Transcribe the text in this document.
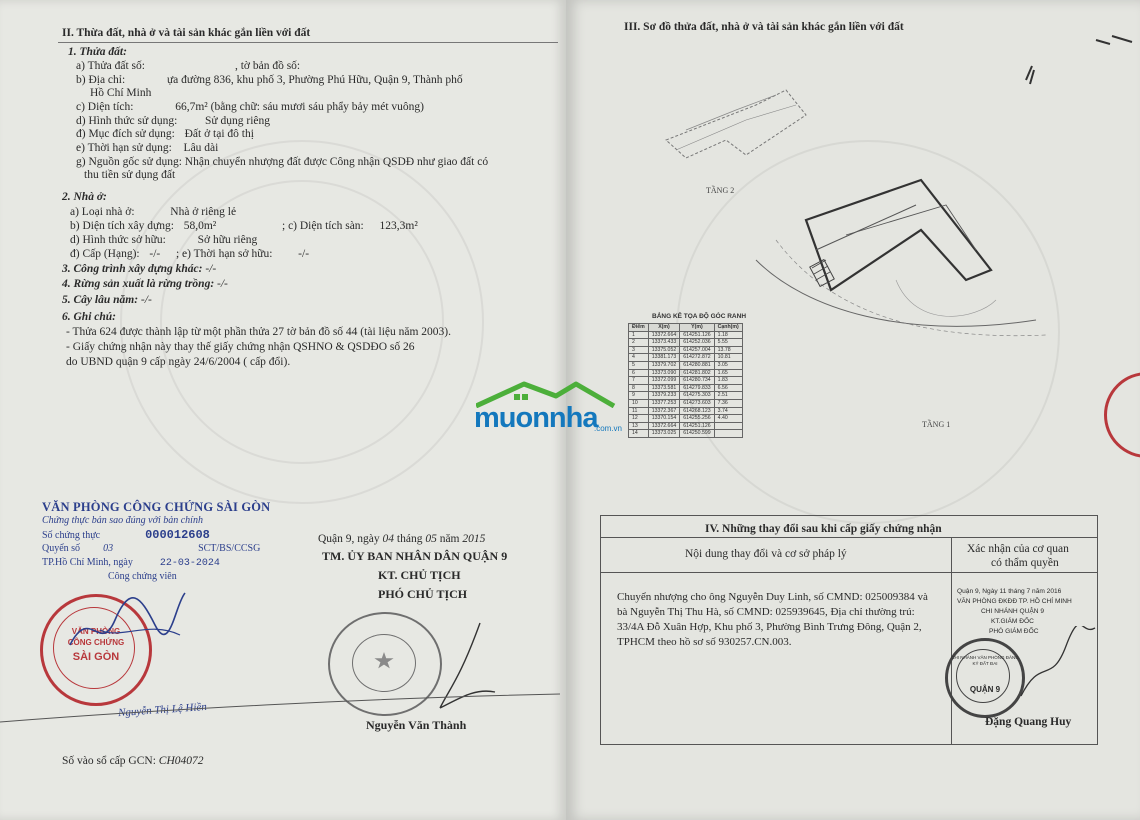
II. Thừa đất, nhà ở và tài sản khác gắn liền với đất
1. Thửa đất:
a) Thửa đất số:	, tờ bản đồ số:
b) Địa chỉ:	ựa đường 836, khu phố 3, Phường Phú Hữu, Quận 9, Thành phố
Hồ Chí Minh
c) Diện tích:	66,7m² (bằng chữ: sáu mươi sáu phẩy bảy mét vuông)
d) Hình thức sử dụng: Sử dụng riêng
đ) Mục đích sử dụng: Đất ở tại đô thị
e) Thời hạn sử dụng: Lâu dài
g) Nguồn gốc sử dụng: Nhận chuyển nhượng đất được Công nhận QSDĐ như giao đất có
thu tiền sử dụng đất
2. Nhà ở:
a) Loại nhà ở:	Nhà ở riêng lẻ
b) Diện tích xây dựng: 58,0m²	; c) Diện tích sàn: 123,3m²
d) Hình thức sở hữu:	Sở hữu riêng
đ) Cấp (Hạng): -/- ; e) Thời hạn sở hữu: -/-
3. Công trình xây dựng khác: -/-
4. Rừng sản xuất là rừng trồng: -/-
5. Cây lâu năm: -/-
6. Ghi chú:
- Thửa 624 được thành lập từ một phần thửa 27 tờ bản đồ số 44 (tài liệu năm 2003).
- Giấy chứng nhận này thay thế giấy chứng nhận QSHNO & QSDĐO số 26
do UBND quận 9 cấp ngày 24/6/2004 ( cấp đổi).
VĂN PHÒNG CÔNG CHỨNG SÀI GÒN
Chứng thực bản sao đúng với bản chính
Số chứng thực	000012608
Quyển số 03	SCT/BS/CCSG
TP.Hồ Chí Minh, ngày	22-03-2024
Công chứng viên
VĂN PHÒNG
CÔNG CHỨNG
SÀI GÒN
Nguyễn Thị Lệ Hiền
Quận 9, ngày 04 tháng 05 năm 2015
TM. ỦY BAN NHÂN DÂN QUẬN 9
KT. CHỦ TỊCH
PHÓ CHỦ TỊCH
Nguyễn Văn Thành
Số vào sổ cấp GCN: CH04072
III. Sơ đồ thửa đất, nhà ở và tài sản khác gắn liền với đất
TẦNG 2
TẦNG 1
BẢNG KÊ TỌA ĐỘ GÓC RANH
Điểm	X(m)	Y(m)	Cạnh(m)
1	13372.664	614251.126	1.18
2	13373.433	614252.036	5.55
3	13375.052	614257.004	13.78
4	13381.173	614272.872	10.81
5	13379.702	614280.881	3.05
6	13373.090	614281.802	1.65
7	13372.099	614280.734	1.83
8	13373.581	614279.833	6.56
9	13379.233	614275.303	2.51
10	13377.253	614273.603	7.36
11	13372.367	614268.123	3.74
12	13370.154	614255.256	4.40
13	13372.664	614251.126	
14	13373.025	614250.599	
IV. Những thay đổi sau khi cấp giấy chứng nhận
Nội dung thay đổi và cơ sở pháp lý	Xác nhận của cơ quan
có thẩm quyền
Chuyển nhượng cho ông Nguyễn Duy Linh, số CMND: 025009384 và
bà Nguyễn Thị Thu Hà, số CMND: 025939645, Địa chỉ thường trú:
33/4A Đỗ Xuân Hợp, Khu phố 3, Phường Bình Trưng Đông, Quận 2,
TPHCM theo hồ sơ số 930257.CN.003.
Quận 9, Ngày 11 tháng 7 năm 2016
VĂN PHÒNG ĐKĐĐ TP. HỒ CHÍ MINH
CHI NHÁNH QUẬN 9
KT.GIÁM ĐỐC
PHÓ GIÁM ĐỐC
CHI NHÁNH VĂN PHÒNG ĐĂNG KÝ ĐẤT ĐAI
QUẬN 9
Đặng Quang Huy
muonnha
.com.vn
